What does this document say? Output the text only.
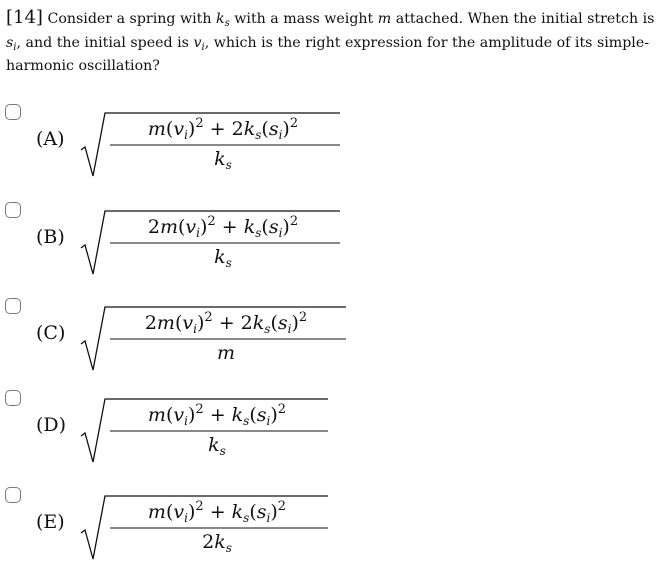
[14] Consider a spring with $k_s$ with a mass weight m attached. When the initial stretch is $s_i$, and the initial speed is $v_i$, which is the right expression for the amplitude of its simple-harmonic oscillation?
(A)	$m(v_i)^2 + 2k_s(s_i)^2$
$k_s$
(B)	$2m(v_i)^2 + k_s(s_i)^2$
$k_s$
(C)	$2m(v_i)^2 + 2k_s(s_i)^2$
m
(D)	$m(v_i)^2 + k_s(s_i)^2$
$k_s$
(E)	$m(v_i)^2 + k_s(s_i)^2$
$2k_s$
